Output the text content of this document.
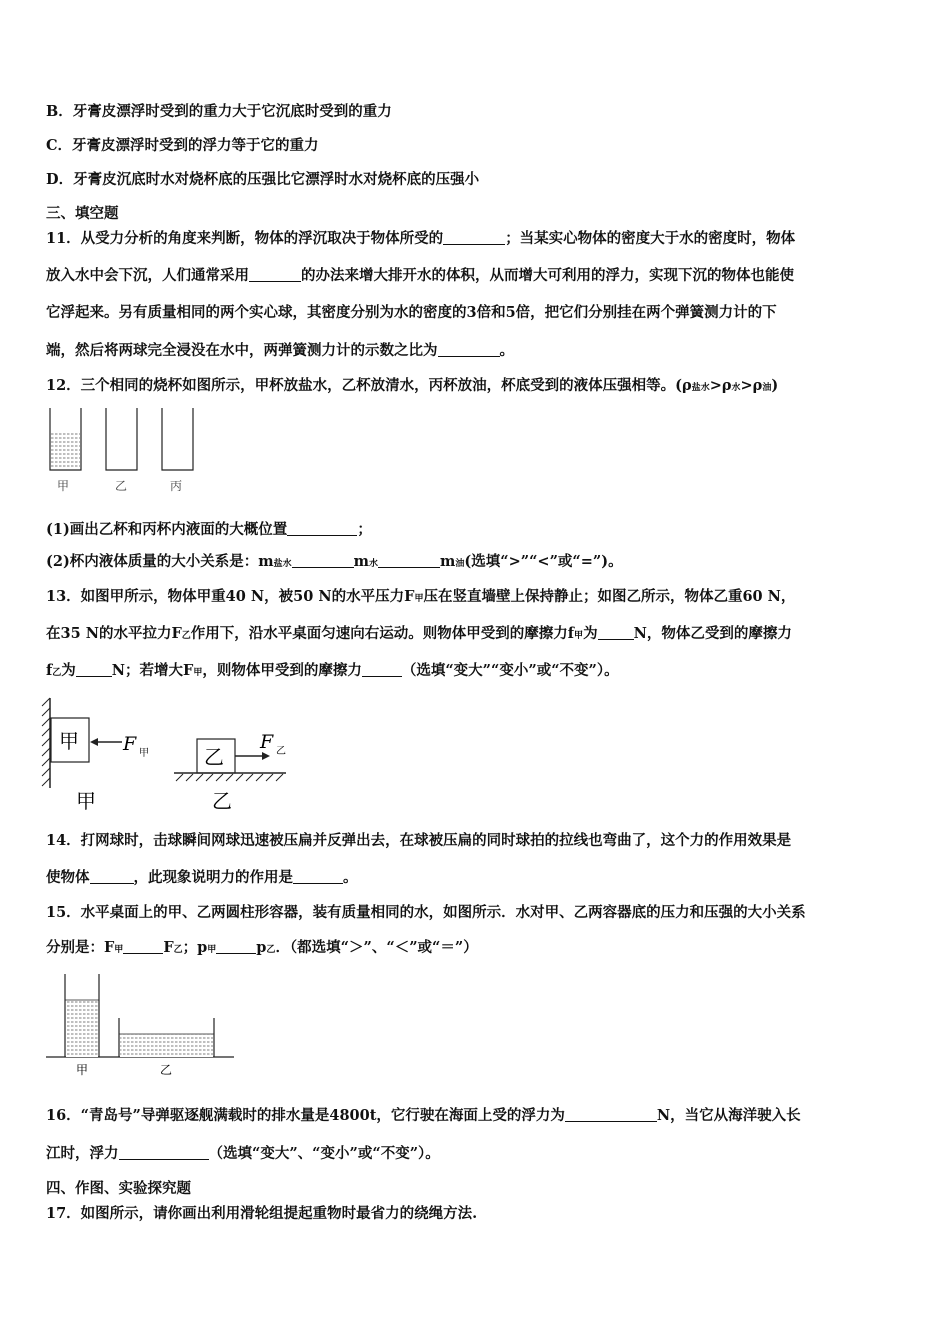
B．牙膏皮漂浮时受到的重力大于它沉底时受到的重力
C．牙膏皮漂浮时受到的浮力等于它的重力
D．牙膏皮沉底时水对烧杯底的压强比它漂浮时水对烧杯底的压强小
三、填空题
11．从受力分析的角度来判断，物体的浮沉取决于物体所受的	；当某实心物体的密度大于水的密度时，物体
放入水中会下沉，人们通常采用	的办法来增大排开水的体积，从而增大可利用的浮力，实现下沉的物体也能使
它浮起来。另有质量相同的两个实心球，其密度分别为水的密度的3倍和5倍，把它们分别挂在两个弹簧测力计的下
端，然后将两球完全浸没在水中，两弹簧测力计的示数之比为	。
12．三个相同的烧杯如图所示，甲杯放盐水，乙杯放清水，丙杯放油，杯底受到的液体压强相等。(ρ盐水>ρ水>ρ油)
甲	乙	丙
(1)画出乙杯和丙杯内液面的大概位置	；
(2)杯内液体质量的大小关系是：m盐水	m水	m油(选填“>”“<”或“=”)。
13．如图甲所示，物体甲重40 N，被50 N的水平压力F甲压在竖直墙壁上保持静止；如图乙所示，物体乙重60 N，
在35 N的水平拉力F乙作用下，沿水平桌面匀速向右运动。则物体甲受到的摩擦力f甲为 N，物体乙受到的摩擦力
f乙为 N；若增大F甲，则物体甲受到的摩擦力	（选填“变大”“变小”或“不变”）。
甲 F 甲
甲
乙
F 乙
乙
14．打网球时，击球瞬间网球迅速被压扁并反弹出去，在球被压扁的同时球拍的拉线也弯曲了，这个力的作用效果是
使物体	，此现象说明力的作用是	。
15．水平桌面上的甲、乙两圆柱形容器，装有质量相同的水，如图所示．水对甲、乙两容器底的压力和压强的大小关系
分别是：F甲	F乙；p甲	p乙．（都选填“＞”、“＜”或“＝”）
甲	乙
16．“青岛号”导弹驱逐舰满载时的排水量是4800t，它行驶在海面上受的浮力为	N，当它从海洋驶入长
江时，浮力	（选填“变大”、“变小”或“不变”）。
四、作图、实验探究题
17．如图所示，请你画出利用滑轮组提起重物时最省力的绕绳方法.
